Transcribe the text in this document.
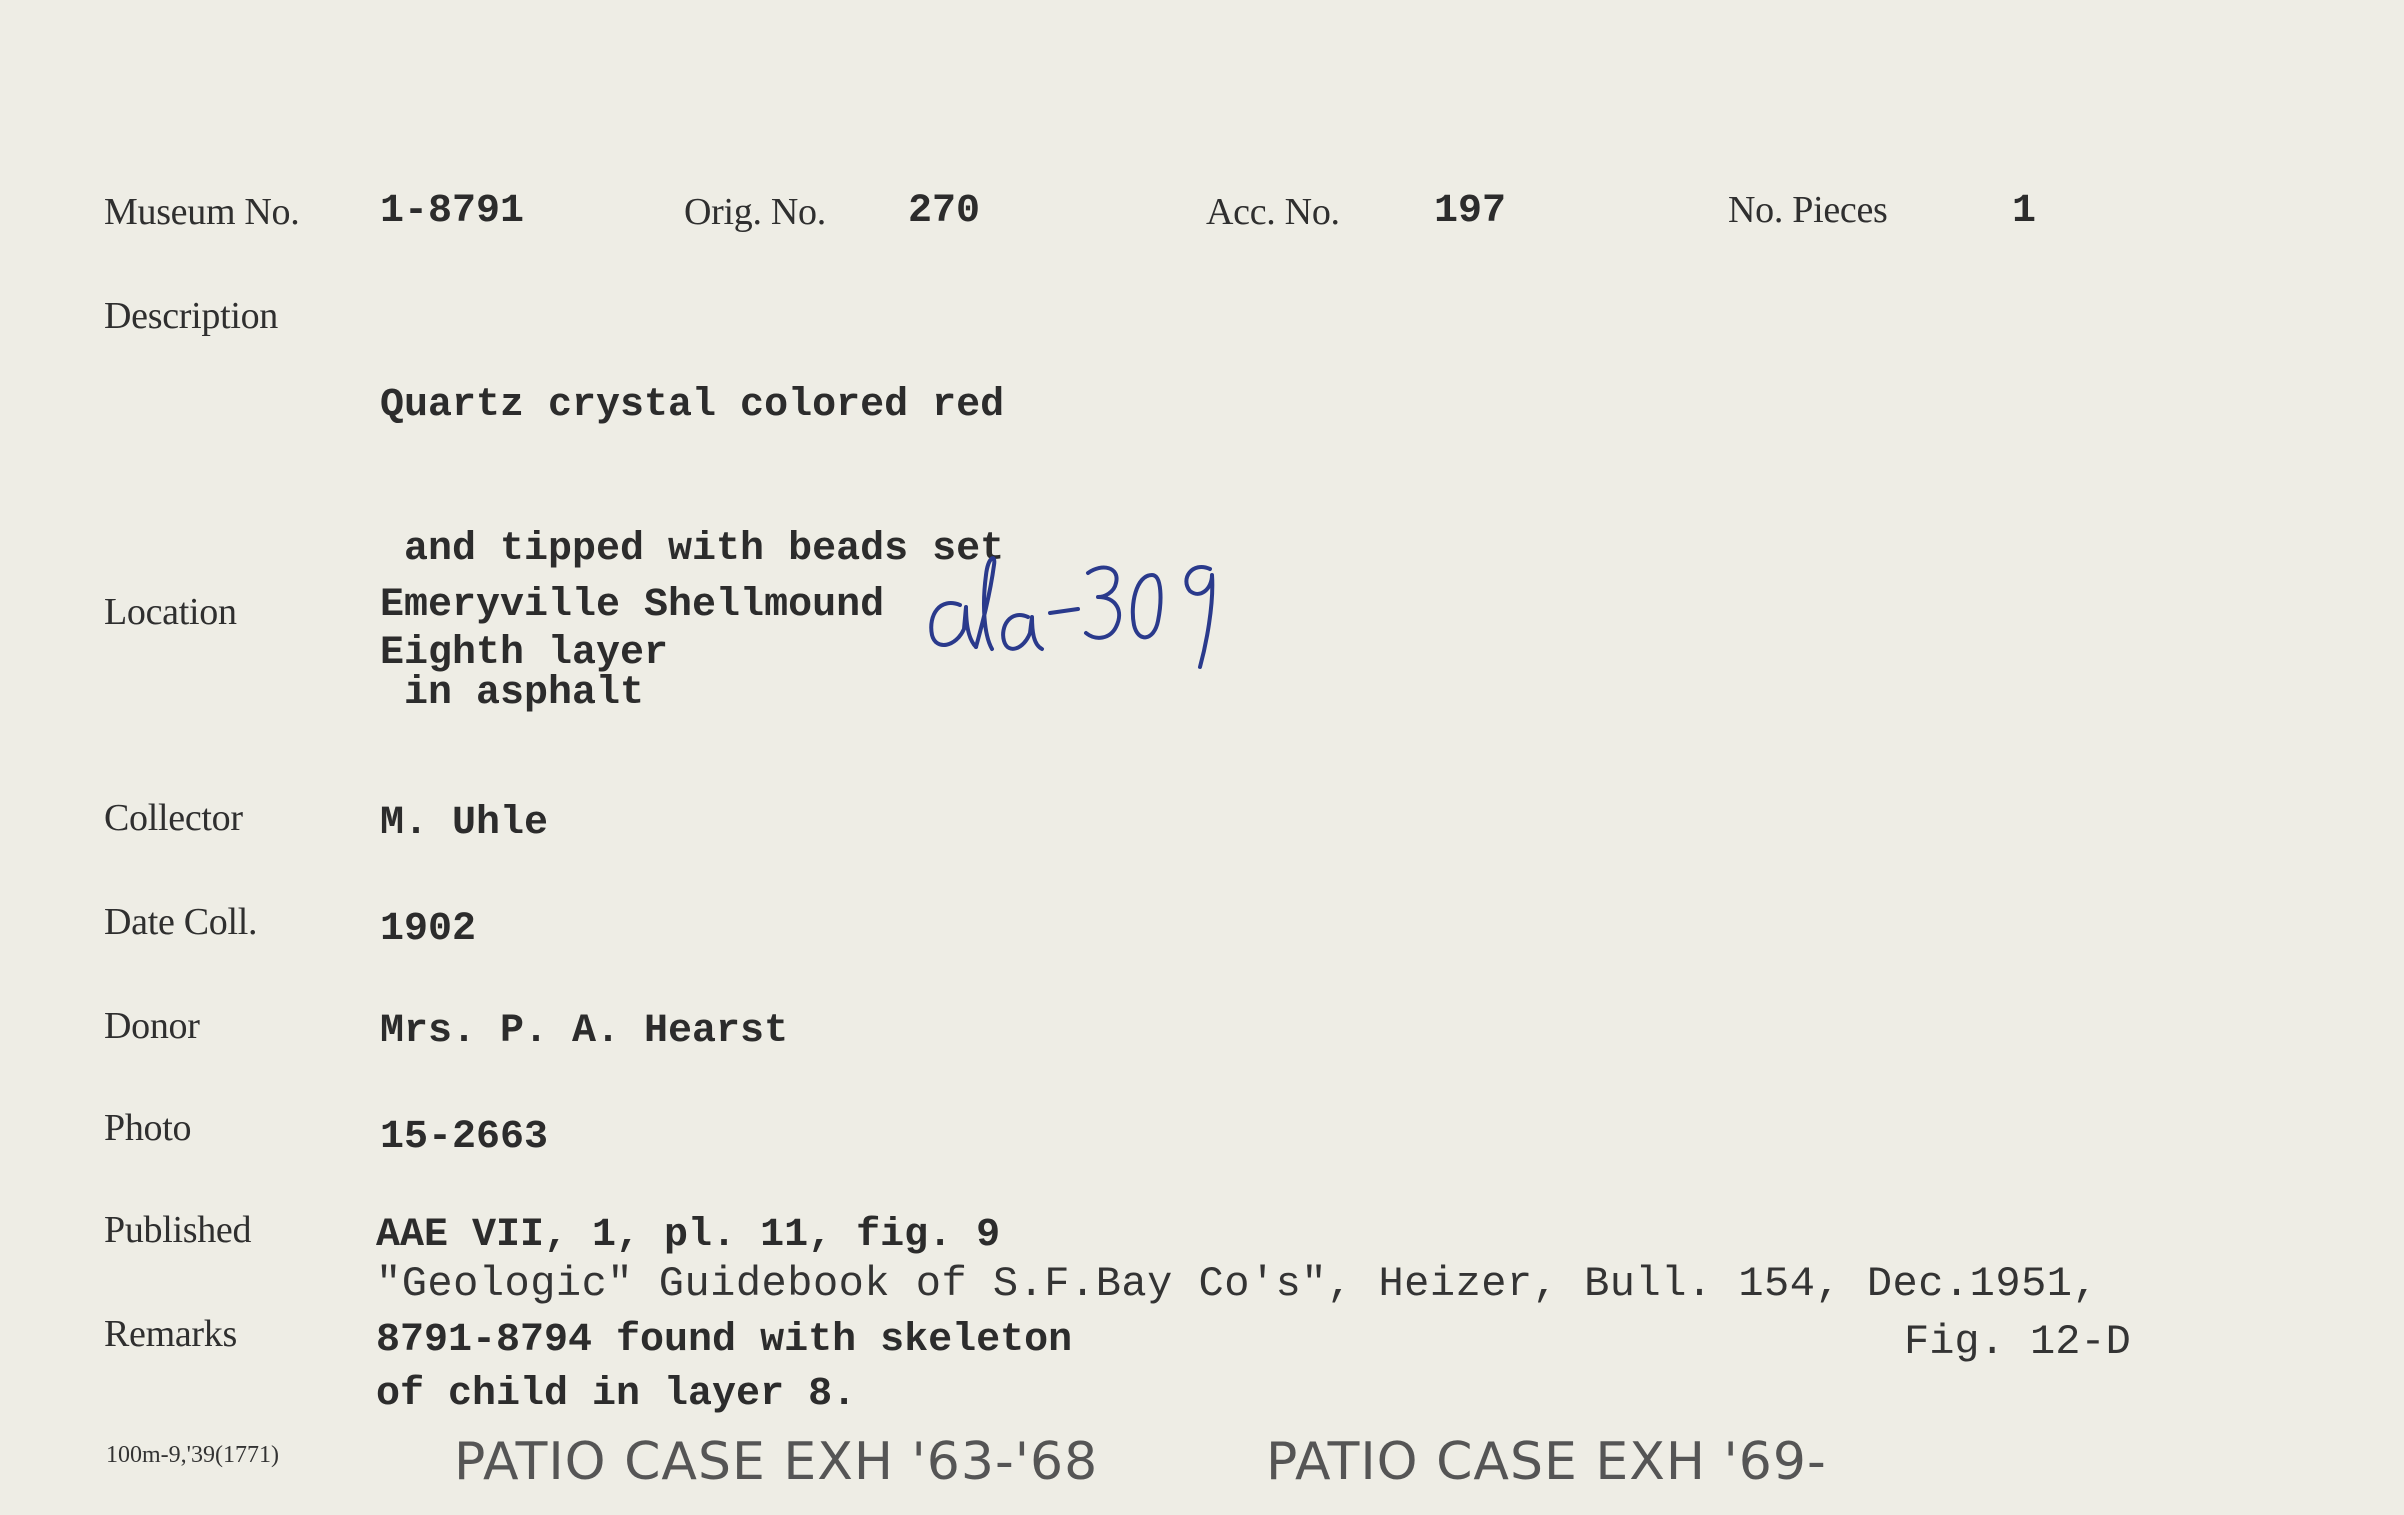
Museum No. 1-8791	Orig. No. 270	Acc. No. 197	No. Pieces	1
Description

Quartz crystal colored red

and tipped with beads set

in asphalt

Location	Emeryville Shellmound
Eighth layer
Collector	M. Uhle
Date Coll.	1902
Donor	Mrs. P. A. Hearst
Photo	15-2663
Published	AAE VII, 1, pl. 11, fig. 9
"Geologic" Guidebook of S.F.Bay Co's", Heizer, Bull. 154, Dec.1951,
Fig. 12-D
Remarks	8791-8794 found with skeleton
of child in layer 8.
100m-9,'39(1771)	PATIO CASE EXH '63-'68	PATIO CASE EXH '69-
